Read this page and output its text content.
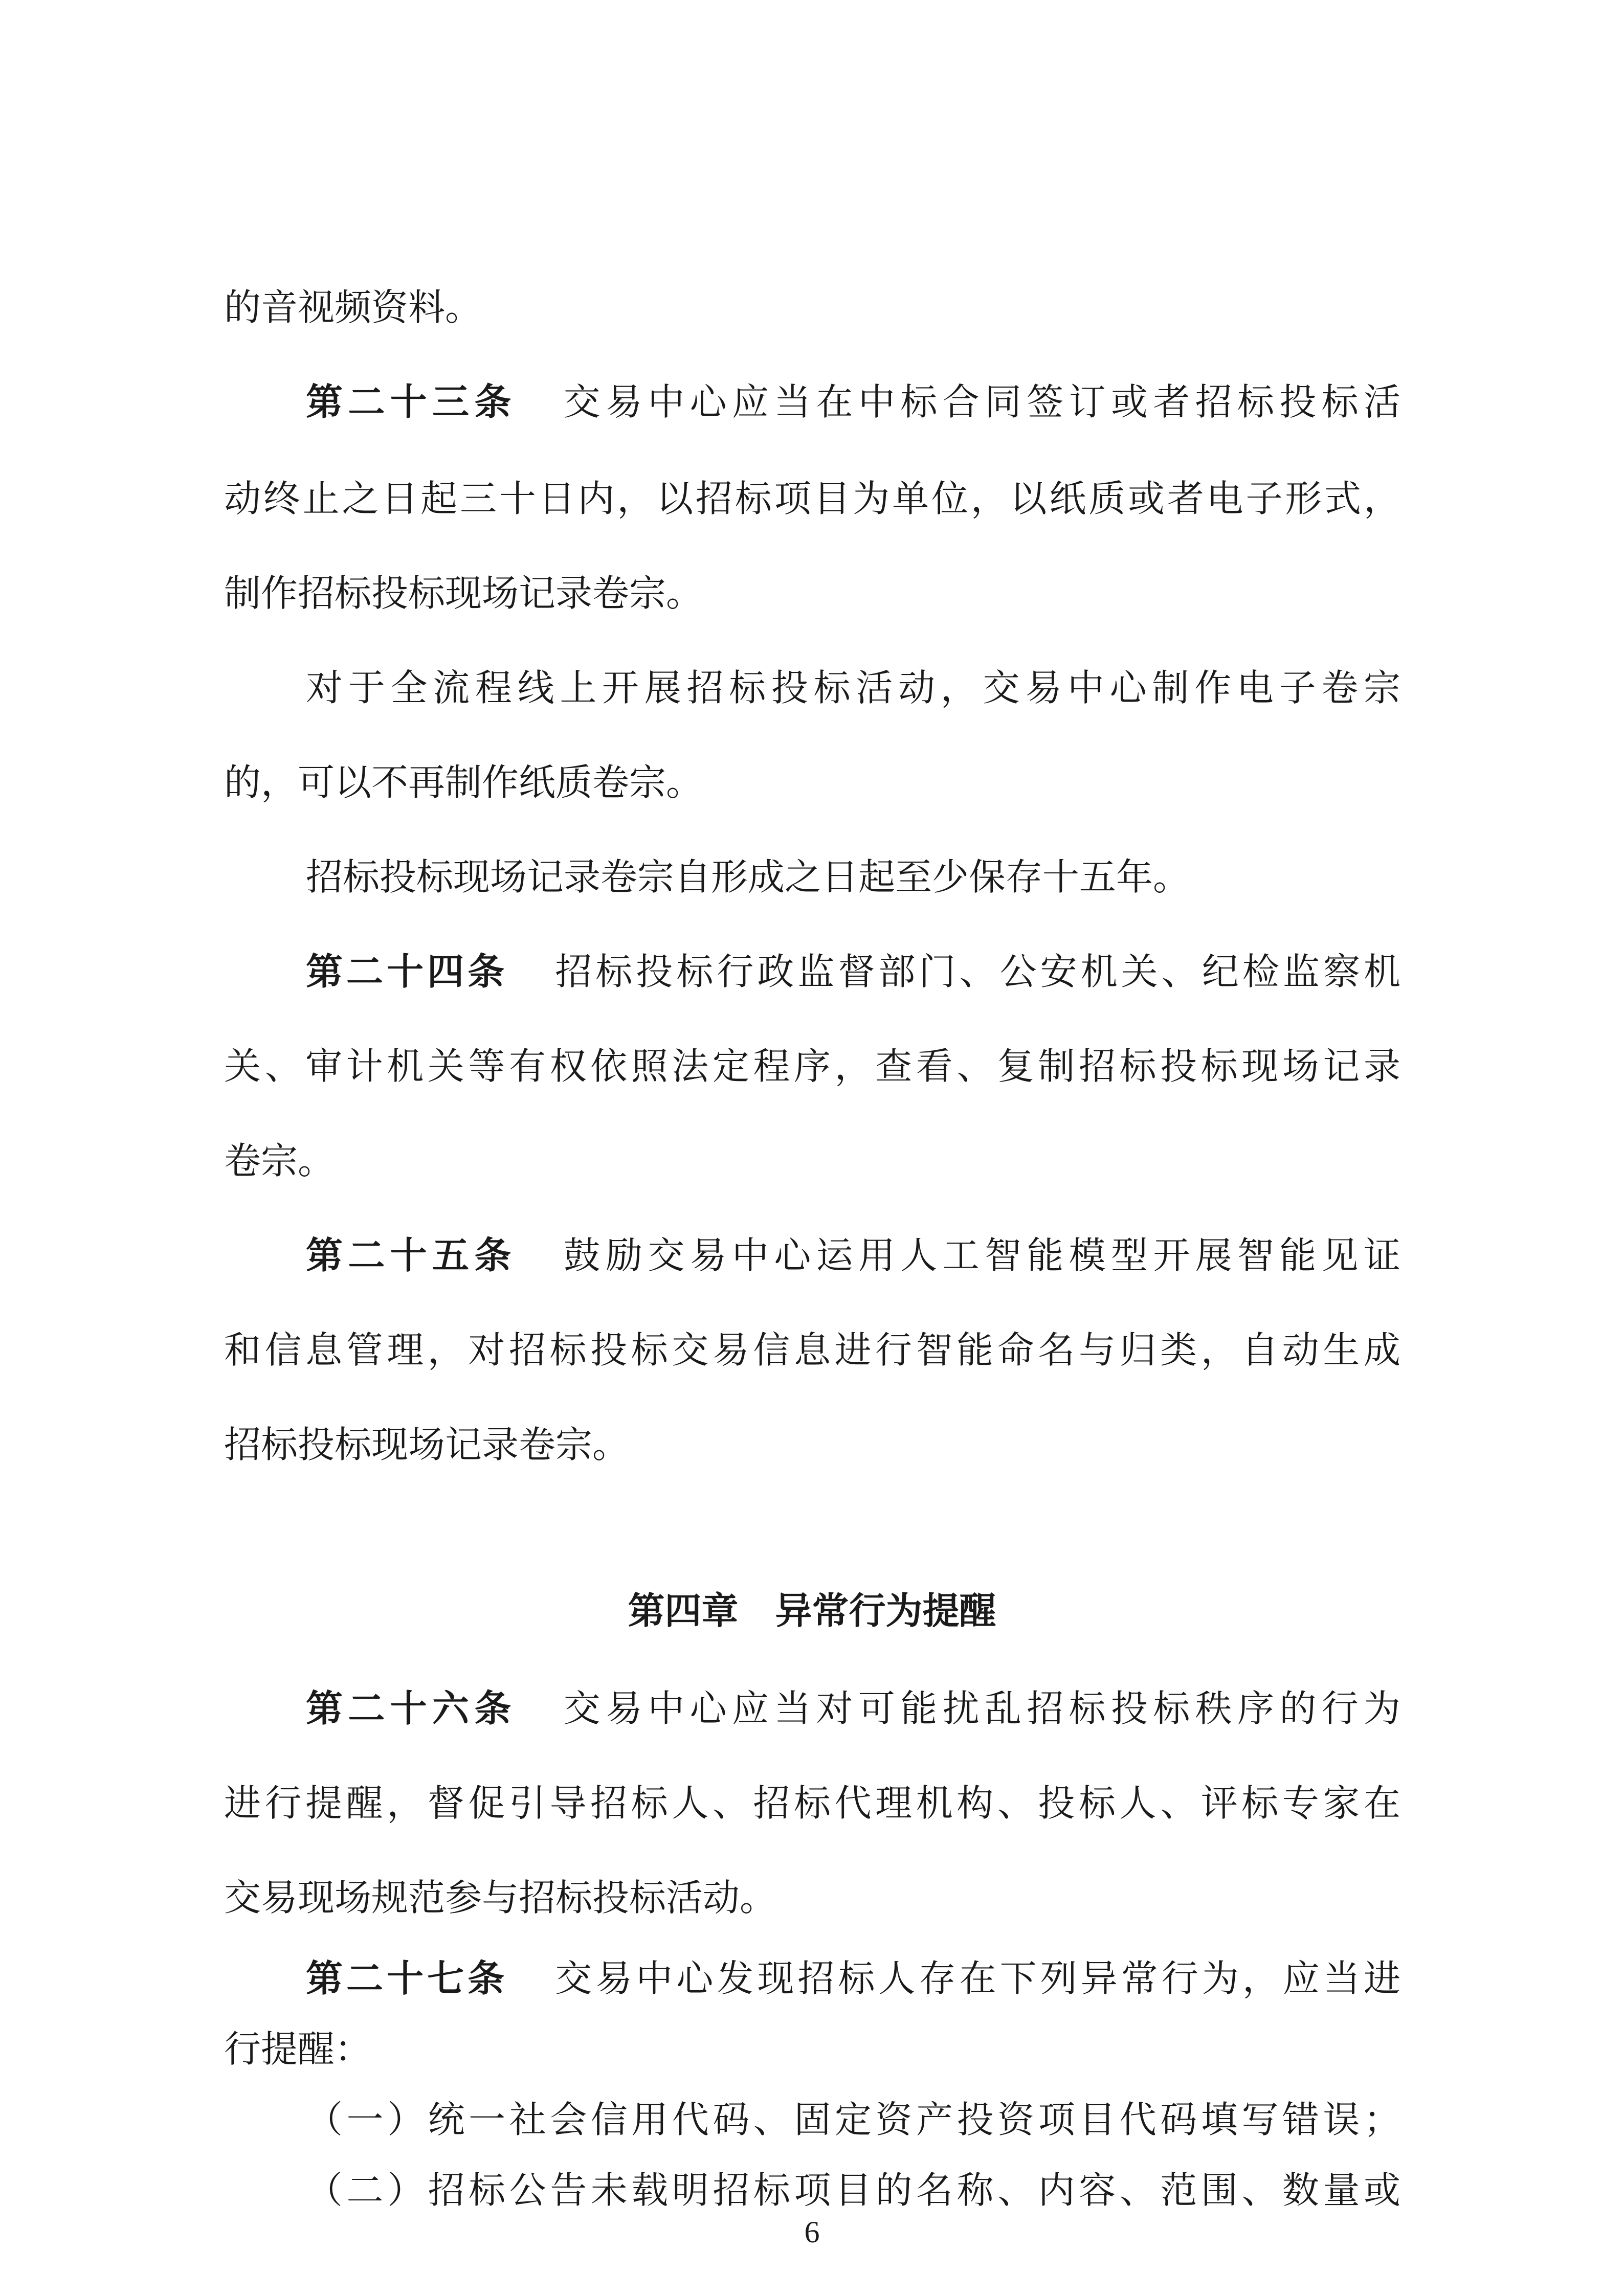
的音视频资料。
第二十三条 交易中心应当在中标合同签订或者招标投标活
动终止之日起三十日内，以招标项目为单位，以纸质或者电子形式，
制作招标投标现场记录卷宗。
对于全流程线上开展招标投标活动，交易中心制作电子卷宗
的，可以不再制作纸质卷宗。
招标投标现场记录卷宗自形成之日起至少保存十五年。
第二十四条 招标投标行政监督部门、公安机关、纪检监察机
关、审计机关等有权依照法定程序，查看、复制招标投标现场记录
卷宗。
第二十五条 鼓励交易中心运用人工智能模型开展智能见证
和信息管理，对招标投标交易信息进行智能命名与归类，自动生成
招标投标现场记录卷宗。
第四章 异常行为提醒
第二十六条 交易中心应当对可能扰乱招标投标秩序的行为
进行提醒，督促引导招标人、招标代理机构、投标人、评标专家在
交易现场规范参与招标投标活动。
第二十七条 交易中心发现招标人存在下列异常行为，应当进
行提醒：
（一）统一社会信用代码、固定资产投资项目代码填写错误；
（二）招标公告未载明招标项目的名称、内容、范围、数量或
6
